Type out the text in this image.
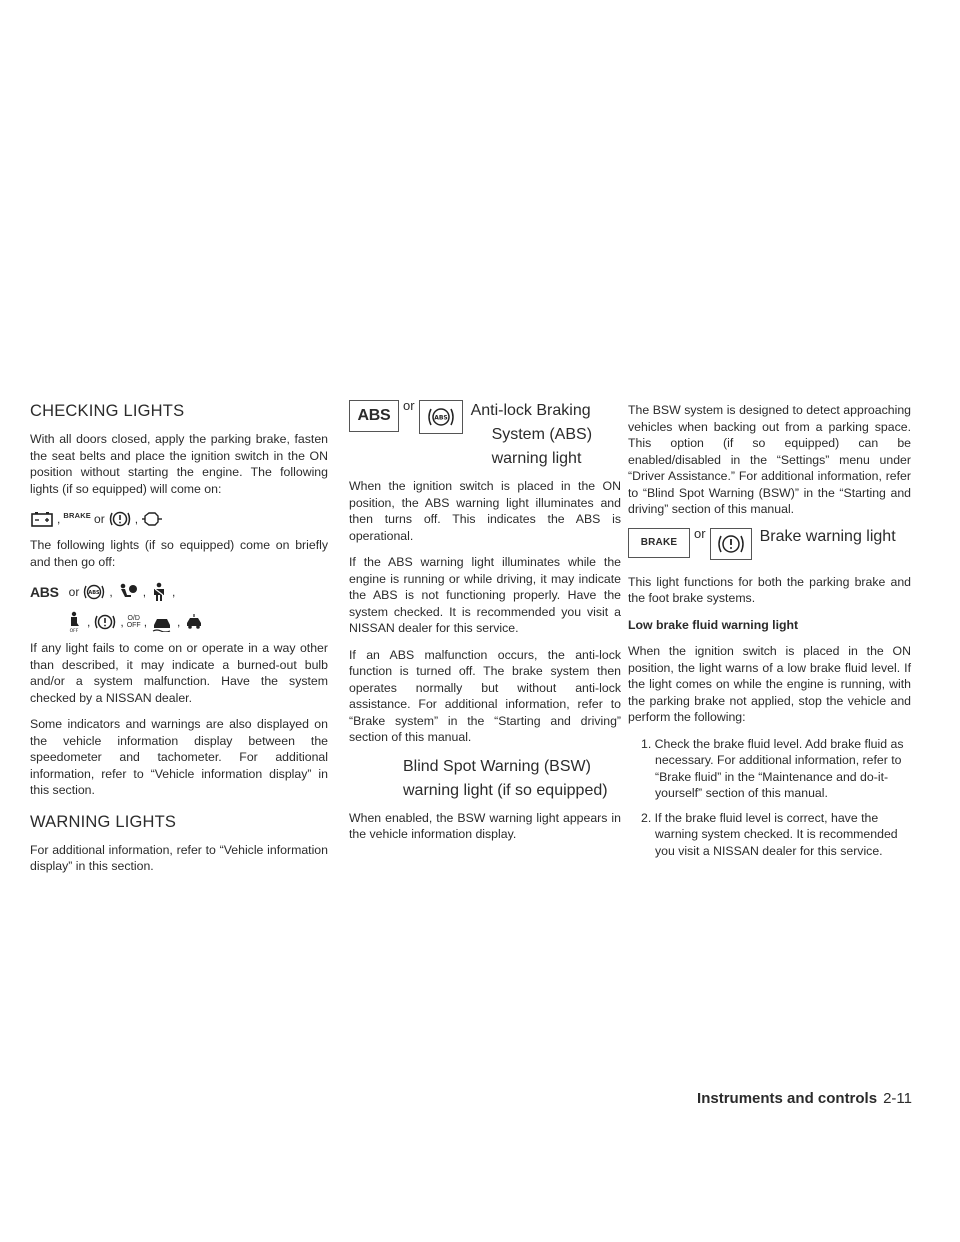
CHECKING LIGHTS

With all doors closed, apply the parking brake, fasten the seat belts and place the ignition switch in the ON position without starting the engine. The following lights (if so equipped) will come on:

, BRAKE or	,

The following lights (if so equipped) come on briefly and then go off:

ABS or ABS ,	, ,
OFF
,	, O/D
OFF ,	,

If any light fails to come on or operate in a way other than described, it may indicate a burned-out bulb and/or a system malfunction. Have the system checked by a NISSAN dealer.

Some indicators and warnings are also displayed on the vehicle information display between the speedometer and tachometer. For additional information, refer to “Vehicle information display” in this section.

WARNING LIGHTS

For additional information, refer to “Vehicle information display” in this section.

ABS
or
ABS Anti-lock Braking
System (ABS)
warning light

When the ignition switch is placed in the ON position, the ABS warning light illuminates and then turns off. This indicates the ABS is operational.

If the ABS warning light illuminates while the engine is running or while driving, it may indicate the ABS is not functioning properly. Have the system checked. It is recommended you visit a NISSAN dealer for this service.

If an ABS malfunction occurs, the anti-lock function is turned off. The brake system then operates normally but without anti-lock assistance. For additional information, refer to “Brake system” in the “Starting and driving” section of this manual.

Blind Spot Warning (BSW)
warning light (if so equipped)

When enabled, the BSW warning light appears in the vehicle information display.

The BSW system is designed to detect approaching vehicles when backing out from a parking space. This option (if so equipped) can be enabled/disabled in the “Settings” menu under “Driver Assistance.” For additional information, refer to “Blind Spot Warning (BSW)” in the “Starting and driving” section of this manual.

BRAKE
or	Brake warning light

This light functions for both the parking brake and the foot brake systems.

Low brake fluid warning light

When the ignition switch is placed in the ON position, the light warns of a low brake fluid level. If the light comes on while the engine is running, with the parking brake not applied, stop the vehicle and perform the following:

1. Check the brake fluid level. Add brake fluid as necessary. For additional information, refer to “Brake fluid” in the “Maintenance and do-it-yourself” section of this manual.
2. If the brake fluid level is correct, have the warning system checked. It is recommended you visit a NISSAN dealer for this service.
Instruments and controls 2-11
